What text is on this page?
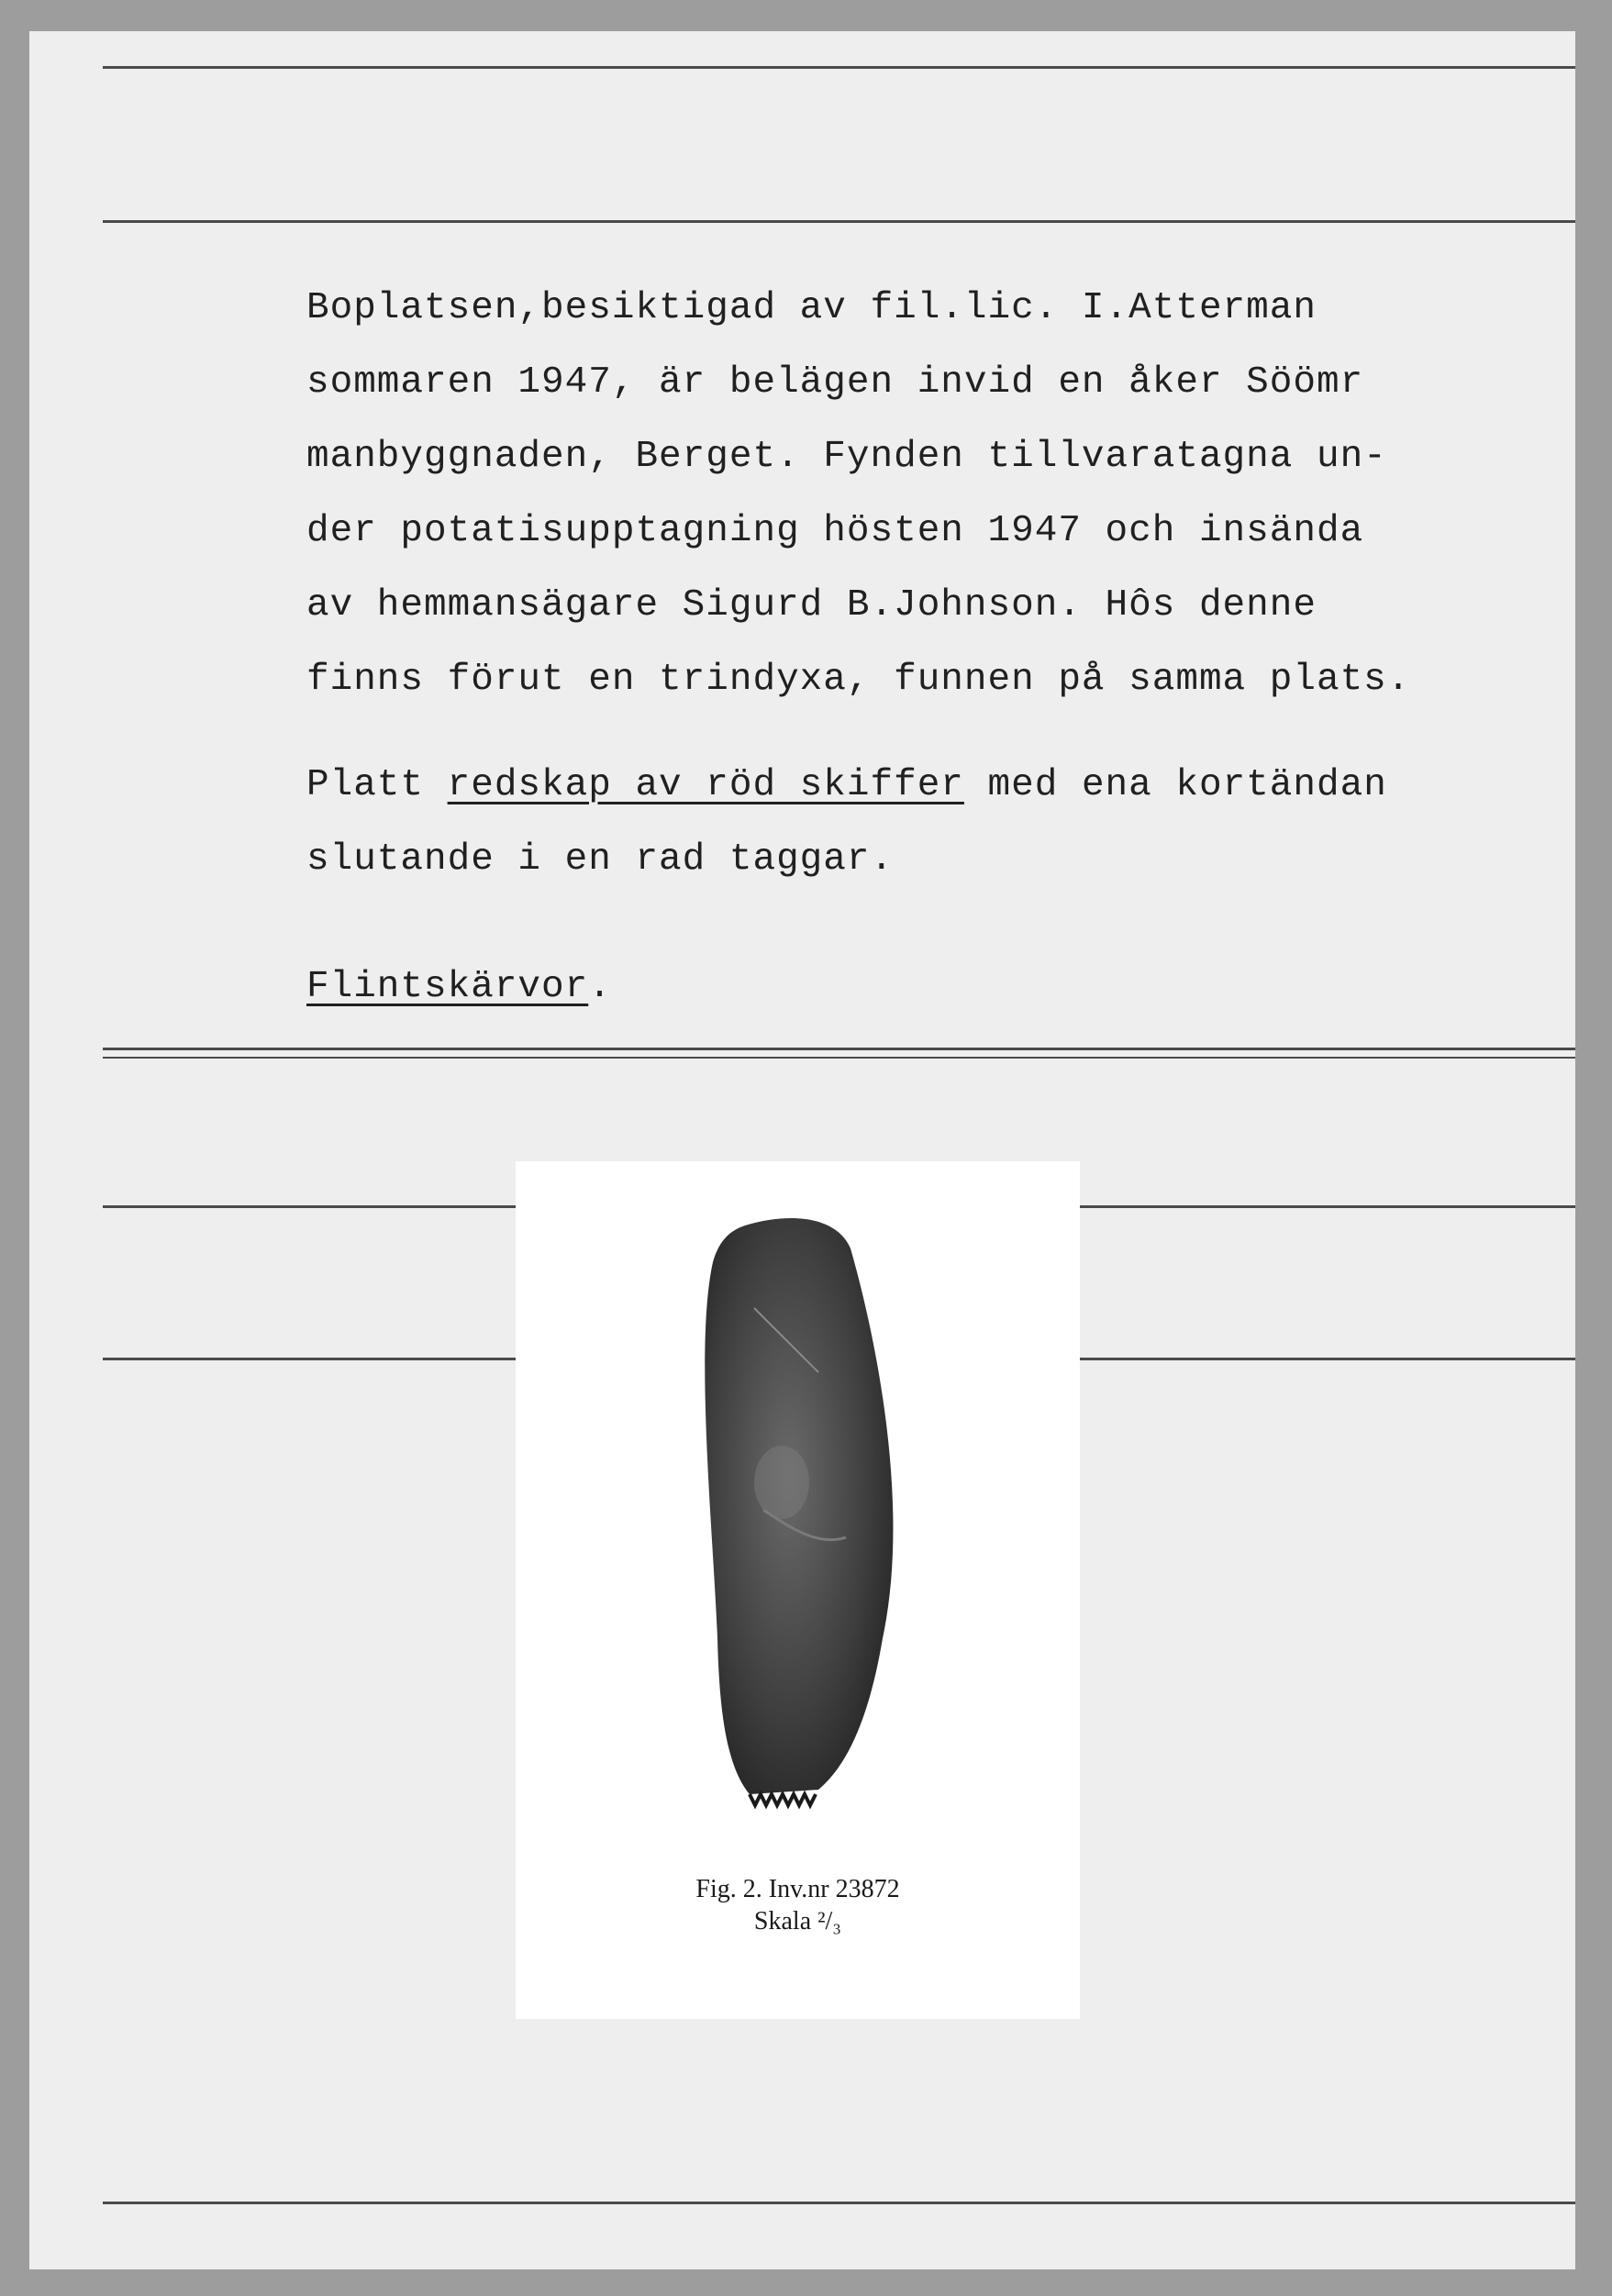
Boplatsen,besiktigad av fil.lic. I.Atterman
sommaren 1947, är belägen invid en åker Söömr
manbyggnaden, Berget. Fynden tillvaratagna un-
der potatisupptagning hösten 1947 och insända
av hemmansägare Sigurd B.Johnson. Hôs denne
finns förut en trindyxa, funnen på samma plats.
Platt redskap av röd skiffer med ena kortändan
slutande i en rad taggar.
Flintskärvor.
Fig. 2. Inv.nr 23872
Skala ²/₃
